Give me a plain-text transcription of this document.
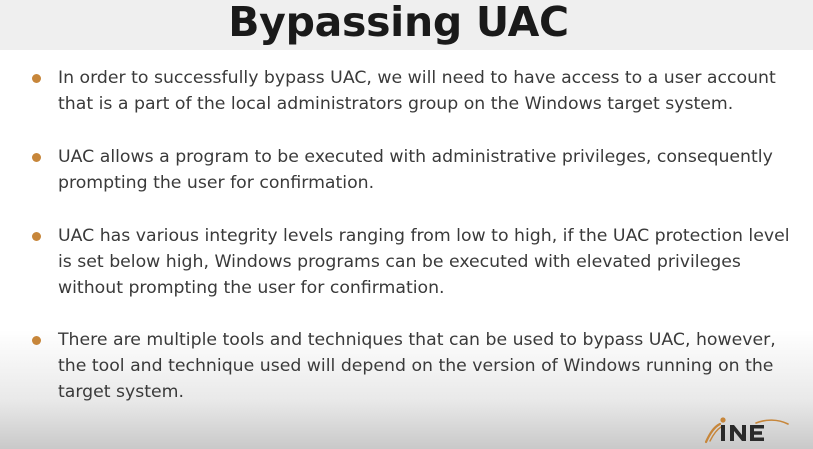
Bypassing UAC
In order to successfully bypass UAC, we will need to have access to a user account that is a part of the local administrators group on the Windows target system.
UAC allows a program to be executed with administrative privileges, consequently prompting the user for confirmation.
UAC has various integrity levels ranging from low to high, if the UAC protection level is set below high, Windows programs can be executed with elevated privileges without prompting the user for confirmation.
There are multiple tools and techniques that can be used to bypass UAC, however, the tool and technique used will depend on the version of Windows running on the target system.
